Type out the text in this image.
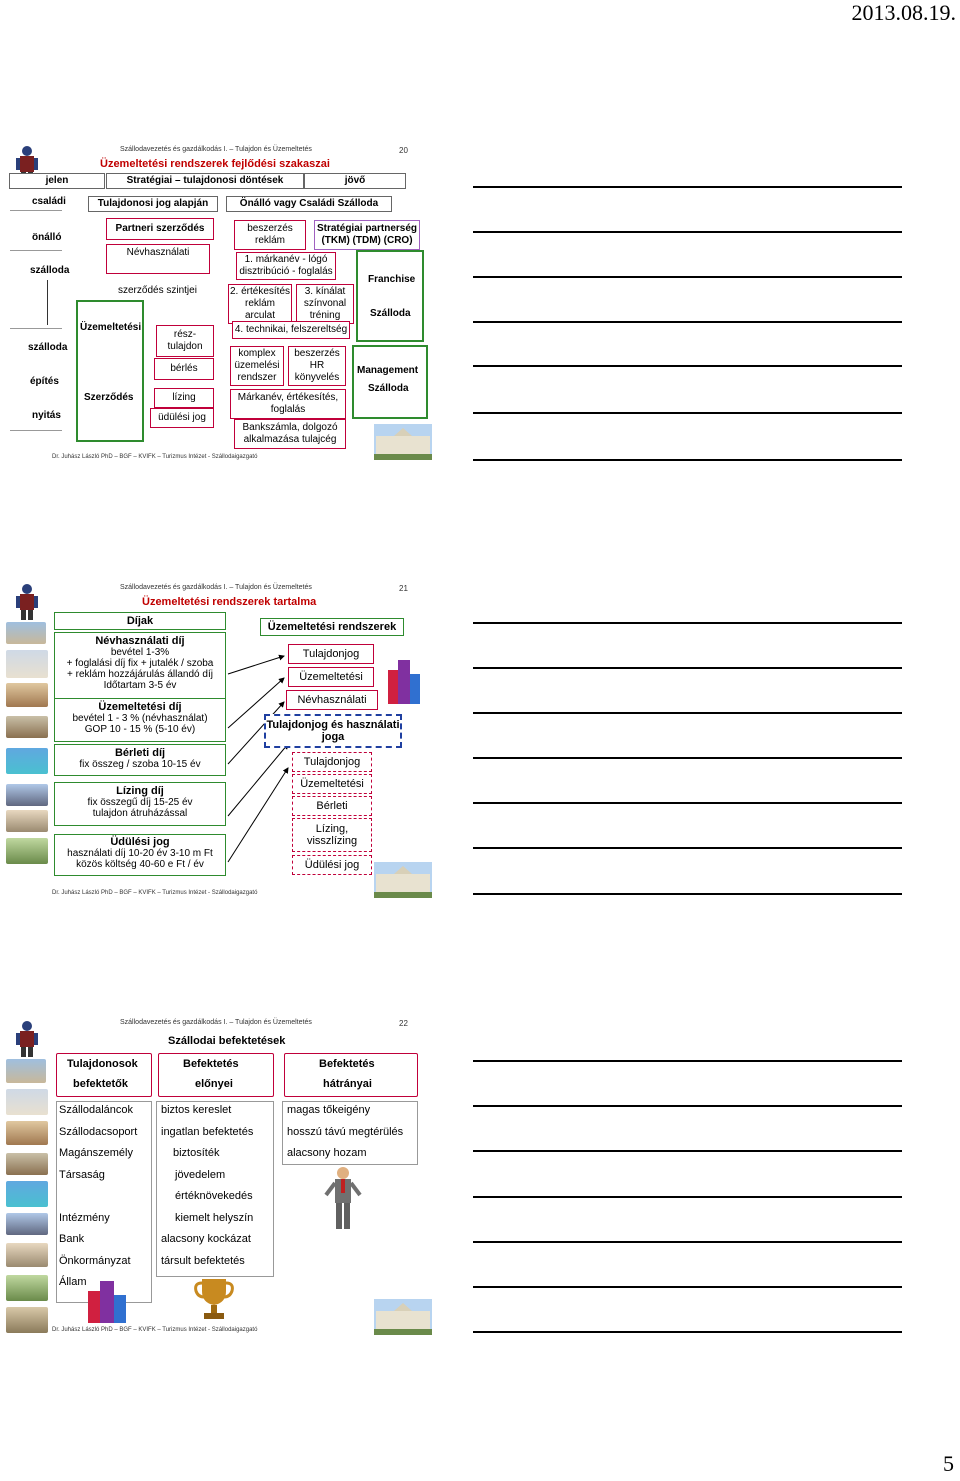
2013.08.19.
5
Szállodavezetés és gazdálkodás I. – Tulajdon és Üzemeltetés	20
Üzemeltetési rendszerek fejlődési szakaszai
jelen	Stratégiai – tulajdonosi döntések	jövő
családi
önálló
szálloda
szálloda
építés
nyitás
Tulajdonosi jog alapján	Önálló vagy Családi Szálloda
Partneri szerződés	beszerzés reklám
Stratégiai partnerség (TKM) (TDM) (CRO)
Névhasználati
szerződés szintjei
1. márkanév - lógó disztribúció - foglalás
2. értékesítés reklám arculat
3. kínálat színvonal tréning
Franchise
Szálloda
Üzemeltetési
Szerződés
rész- tulajdon
bérlés
lízing
üdülési jog
4. technikai, felszereltség
komplex üzemelési rendszer
beszerzés HR könyvelés
Management
Szálloda
Márkanév, értékesítés, foglalás
Bankszámla, dolgozó alkalmazása tulajcég
Dr. Juhász László PhD – BGF – KVIFK – Turizmus Intézet - Szállodaigazgató
Szállodavezetés és gazdálkodás I. – Tulajdon és Üzemeltetés	21
Üzemeltetési rendszerek tartalma
Díjak
Névhasználati díj
bevétel 1-3%
+ foglalási díj fix + jutalék / szoba
+ reklám hozzájárulás állandó díj
Időtartam 3-5 év
Üzemeltetési díj
bevétel 1 - 3 % (névhasználat)
GOP 10 - 15 % (5-10 év)
Bérleti díj
fix összeg / szoba 10-15 év
Lízing díj
fix összegű díj 15-25 év
tulajdon átruházással
Üdülési jog
használati díj 10-20 év 3-10 m Ft
közös költség 40-60 e Ft / év
Üzemeltetési rendszerek
Tulajdonjog
Üzemeltetési
Névhasználati
Tulajdonjog és használati joga
Tulajdonjog
Üzemeltetési
Bérleti
Lízing, visszlízing
Üdülési jog
Dr. Juhász László PhD – BGF – KVIFK – Turizmus Intézet - Szállodaigazgató
Szállodavezetés és gazdálkodás I. – Tulajdon és Üzemeltetés	22
Szállodai befektetések
Tulajdonosok
befektetők
Befektetés
előnyei
Befektetés
hátrányai
Szállodaláncok
Szállodacsoport
Magánszemély
Társaság
Intézmény
Bank
Önkormányzat
Állam
biztos kereslet
ingatlan befektetés
biztosíték
jövedelem
értéknövekedés
kiemelt helyszín
alacsony kockázat
társult befektetés
magas tőkeigény
hosszú távú megtérülés
alacsony hozam
Dr. Juhász László PhD – BGF – KVIFK – Turizmus Intézet - Szállodaigazgató
